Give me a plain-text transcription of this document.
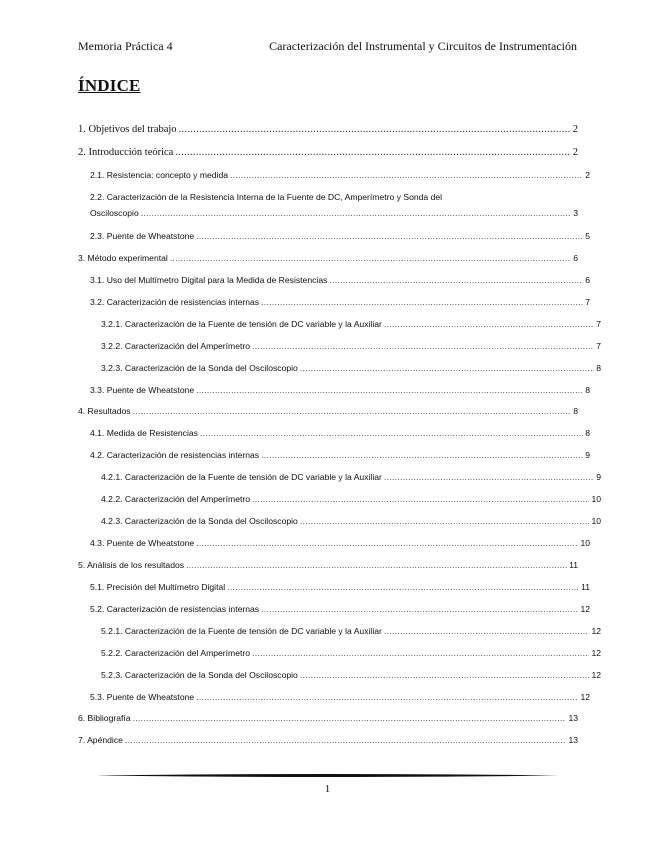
Memoria Práctica 4	Caracterización del Instrumental y Circuitos de Instrumentación
ÍNDICE
1. Objetivos del trabajo .....	2
2. Introducción teórica .....	2
2.1. Resistencia: concepto y medida .....	2
2.2. Caracterización de la Resistencia Interna de la Fuente de DC, Amperímetro y Sonda del
Osciloscopio .....	3
2.3. Puente de Wheatstone .....	5
3. Método experimental .....	6
3.1. Uso del Multímetro Digital para la Medida de Resistencias .....	6
3.2. Caracterización de resistencias internas .....	7
3.2.1. Caracterización de la Fuente de tensión de DC variable y la Auxiliar .....	7
3.2.2. Caracterización del Amperímetro .....	7
3.2.3. Caracterización de la Sonda del Osciloscopio .....	8
3.3. Puente de Wheatstone .....	8
4. Resultados .....	8
4.1. Medida de Resistencias .....	8
4.2. Caracterización de resistencias internas .....	9
4.2.1. Caracterización de la Fuente de tensión de DC variable y la Auxiliar .....	9
4.2.2. Caracterización del Amperímetro .....	10
4.2.3. Caracterización de la Sonda del Osciloscopio .....	10
4.3. Puente de Wheatstone .....	10
5. Análisis de los resultados .....	11
5.1. Precisión del Multímetro Digital .....	11
5.2. Caracterización de resistencias internas .....	12
5.2.1. Caracterización de la Fuente de tensión de DC variable y la Auxiliar .....	12
5.2.2. Caracterización del Amperímetro .....	12
5.2.3. Caracterización de la Sonda del Osciloscopio .....	12
5.3. Puente de Wheatstone .....	12
6. Bibliografía .....	13
7. Apéndice .....	13
1
